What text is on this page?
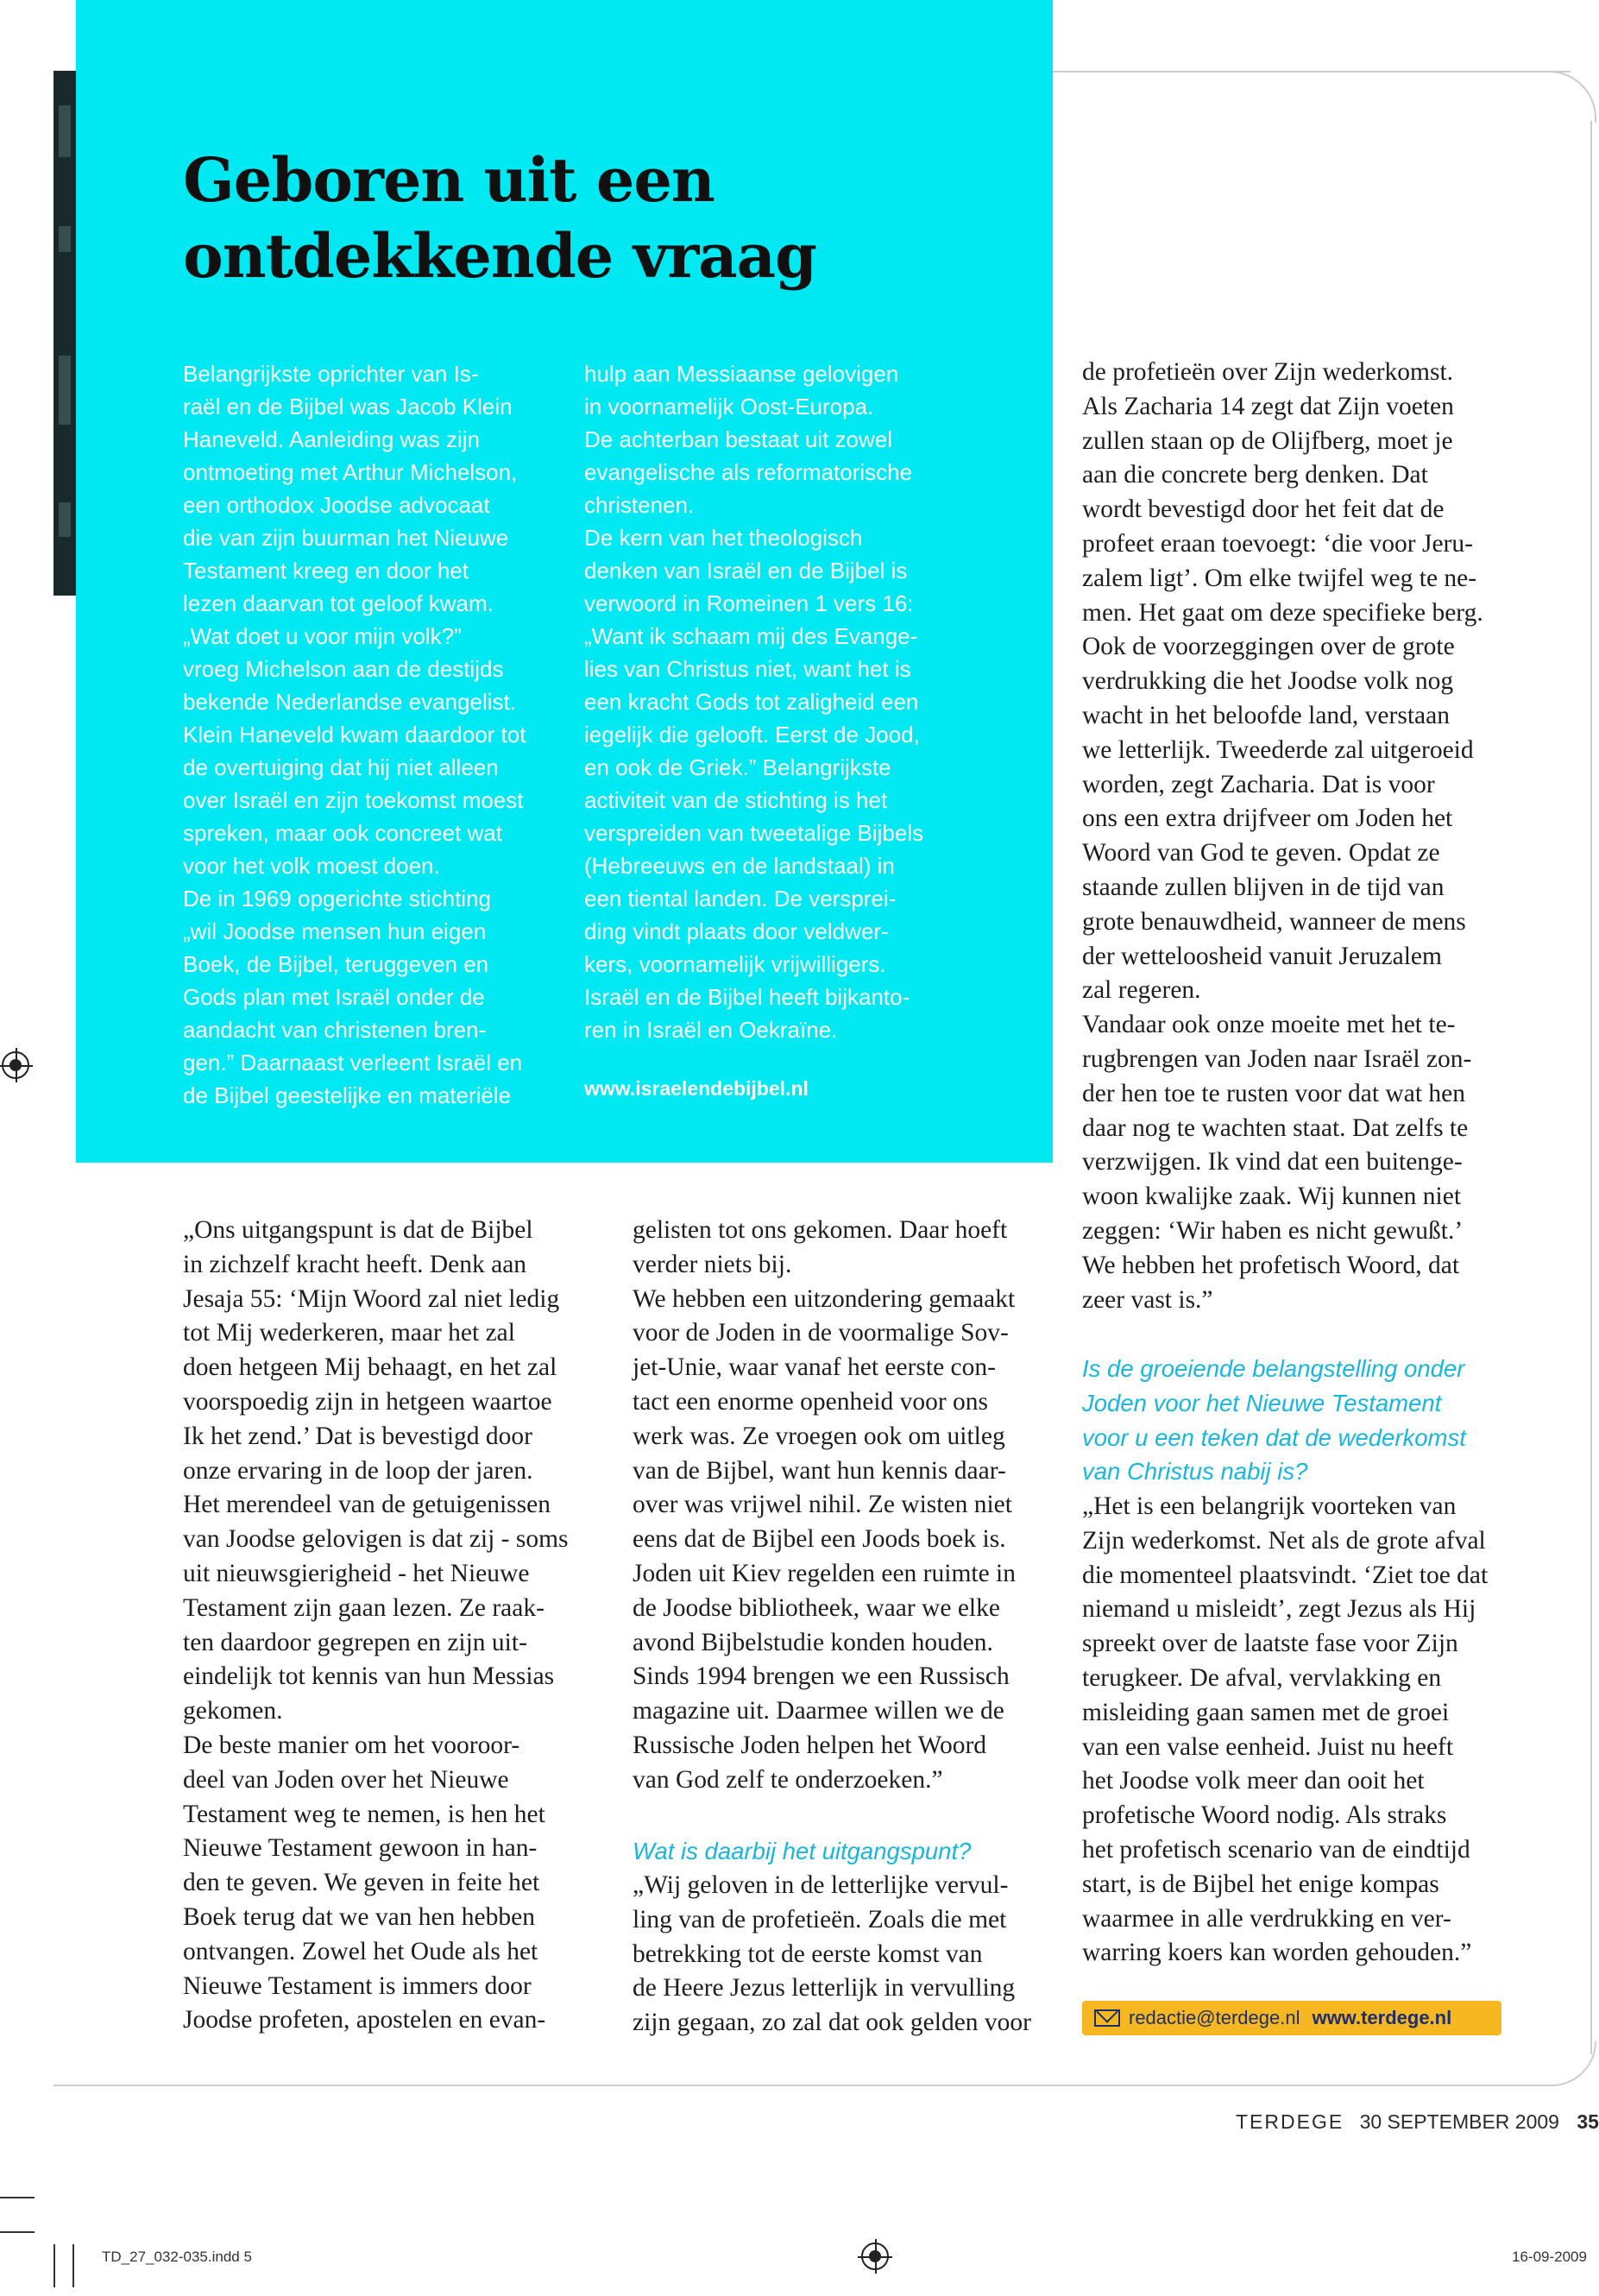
Geboren uit een
ontdekkende vraag
Belangrijkste oprichter van Is-
raël en de Bijbel was Jacob Klein
Haneveld. Aanleiding was zijn
ontmoeting met Arthur Michelson,
een orthodox Joodse advocaat
die van zijn buurman het Nieuwe
Testament kreeg en door het
lezen daarvan tot geloof kwam.
„Wat doet u voor mijn volk?”
vroeg Michelson aan de destijds
bekende Nederlandse evangelist.
Klein Haneveld kwam daardoor tot
de overtuiging dat hij niet alleen
over Israël en zijn toekomst moest
spreken, maar ook concreet wat
voor het volk moest doen.
De in 1969 opgerichte stichting
„wil Joodse mensen hun eigen
Boek, de Bijbel, teruggeven en
Gods plan met Israël onder de
aandacht van christenen bren-
gen.” Daarnaast verleent Israël en
de Bijbel geestelijke en materiële
hulp aan Messiaanse gelovigen
in voornamelijk Oost-Europa.
De achterban bestaat uit zowel
evangelische als reformatorische
christenen.
De kern van het theologisch
denken van Israël en de Bijbel is
verwoord in Romeinen 1 vers 16:
„Want ik schaam mij des Evange-
lies van Christus niet, want het is
een kracht Gods tot zaligheid een
iegelijk die gelooft. Eerst de Jood,
en ook de Griek.” Belangrijkste
activiteit van de stichting is het
verspreiden van tweetalige Bijbels
(Hebreeuws en de landstaal) in
een tiental landen. De versprei-
ding vindt plaats door veldwer-
kers, voornamelijk vrijwilligers.
Israël en de Bijbel heeft bijkanto-
ren in Israël en Oekraïne.
www.israelendebijbel.nl
„Ons uitgangspunt is dat de Bijbel
in zichzelf kracht heeft. Denk aan
Jesaja 55: ‘Mijn Woord zal niet ledig
tot Mij wederkeren, maar het zal
doen hetgeen Mij behaagt, en het zal
voorspoedig zijn in hetgeen waartoe
Ik het zend.’ Dat is bevestigd door
onze ervaring in de loop der jaren.
Het merendeel van de getuigenissen
van Joodse gelovigen is dat zij - soms
uit nieuwsgierigheid - het Nieuwe
Testament zijn gaan lezen. Ze raak-
ten daardoor gegrepen en zijn uit-
eindelijk tot kennis van hun Messias
gekomen.
De beste manier om het vooroor-
deel van Joden over het Nieuwe
Testament weg te nemen, is hen het
Nieuwe Testament gewoon in han-
den te geven. We geven in feite het
Boek terug dat we van hen hebben
ontvangen. Zowel het Oude als het
Nieuwe Testament is immers door
Joodse profeten, apostelen en evan-
gelisten tot ons gekomen. Daar hoeft
verder niets bij.
We hebben een uitzondering gemaakt
voor de Joden in de voormalige Sov-
jet-Unie, waar vanaf het eerste con-
tact een enorme openheid voor ons
werk was. Ze vroegen ook om uitleg
van de Bijbel, want hun kennis daar-
over was vrijwel nihil. Ze wisten niet
eens dat de Bijbel een Joods boek is.
Joden uit Kiev regelden een ruimte in
de Joodse bibliotheek, waar we elke
avond Bijbelstudie konden houden.
Sinds 1994 brengen we een Russisch
magazine uit. Daarmee willen we de
Russische Joden helpen het Woord
van God zelf te onderzoeken.”
Wat is daarbij het uitgangspunt?
„Wij geloven in de letterlijke vervul-
ling van de profetieën. Zoals die met
betrekking tot de eerste komst van
de Heere Jezus letterlijk in vervulling
zijn gegaan, zo zal dat ook gelden voor
de profetieën over Zijn wederkomst.
Als Zacharia 14 zegt dat Zijn voeten
zullen staan op de Olijfberg, moet je
aan die concrete berg denken. Dat
wordt bevestigd door het feit dat de
profeet eraan toevoegt: ‘die voor Jeru-
zalem ligt’. Om elke twijfel weg te ne-
men. Het gaat om deze specifieke berg.
Ook de voorzeggingen over de grote
verdrukking die het Joodse volk nog
wacht in het beloofde land, verstaan
we letterlijk. Tweederde zal uitgeroeid
worden, zegt Zacharia. Dat is voor
ons een extra drijfveer om Joden het
Woord van God te geven. Opdat ze
staande zullen blijven in de tijd van
grote benauwdheid, wanneer de mens
der wetteloosheid vanuit Jeruzalem
zal regeren.
Vandaar ook onze moeite met het te-
rugbrengen van Joden naar Israël zon-
der hen toe te rusten voor dat wat hen
daar nog te wachten staat. Dat zelfs te
verzwijgen. Ik vind dat een buitenge-
woon kwalijke zaak. Wij kunnen niet
zeggen: ‘Wir haben es nicht gewußt.’
We hebben het profetisch Woord, dat
zeer vast is.”
Is de groeiende belangstelling onder
Joden voor het Nieuwe Testament
voor u een teken dat de wederkomst
van Christus nabij is?
„Het is een belangrijk voorteken van
Zijn wederkomst. Net als de grote afval
die momenteel plaatsvindt. ‘Ziet toe dat
niemand u misleidt’, zegt Jezus als Hij
spreekt over de laatste fase voor Zijn
terugkeer. De afval, vervlakking en
misleiding gaan samen met de groei
van een valse eenheid. Juist nu heeft
het Joodse volk meer dan ooit het
profetische Woord nodig. Als straks
het profetisch scenario van de eindtijd
start, is de Bijbel het enige kompas
waarmee in alle verdrukking en ver-
warring koers kan worden gehouden.”
redactie@terdege.nl www.terdege.nl
TERDEGE 30 SEPTEMBER 2009 35
TD_27_032-035.indd 5	16-09-2009
